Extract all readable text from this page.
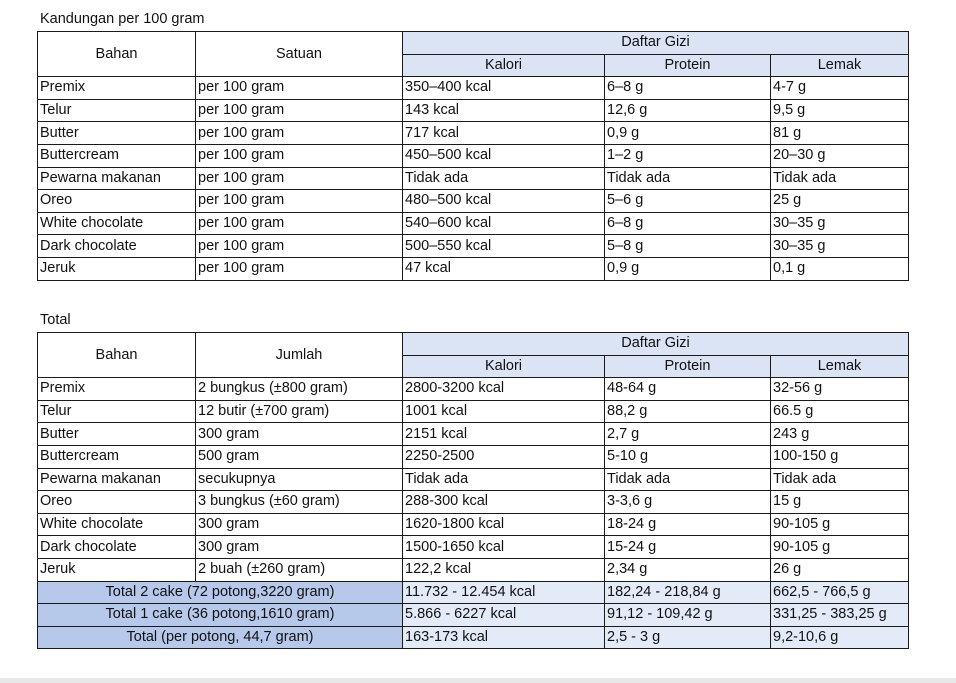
Kandungan per 100 gram
Bahan	Satuan	Daftar Gizi		
		Kalori	Protein	Lemak
Premix	per 100 gram	350–400 kcal	6–8 g	4-7 g
Telur	per 100 gram	143 kcal	12,6 g	9,5 g
Butter	per 100 gram	717 kcal	0,9 g	81 g
Buttercream	per 100 gram	450–500 kcal	1–2 g	20–30 g
Pewarna makanan	per 100 gram	Tidak ada	Tidak ada	Tidak ada
Oreo	per 100 gram	480–500 kcal	5–6 g	25 g
White chocolate	per 100 gram	540–600 kcal	6–8 g	30–35 g
Dark chocolate	per 100 gram	500–550 kcal	5–8 g	30–35 g
Jeruk	per 100 gram	47 kcal	0,9 g	0,1 g
Total
Bahan	Jumlah	Daftar Gizi		
		Kalori	Protein	Lemak
Premix	2 bungkus (±800 gram)	2800-3200 kcal	48-64 g	32-56 g
Telur	12 butir (±700 gram)	1001 kcal	88,2 g	66.5 g
Butter	300 gram	2151 kcal	2,7 g	243 g
Buttercream	500 gram	2250-2500	5-10 g	100-150 g
Pewarna makanan	secukupnya	Tidak ada	Tidak ada	Tidak ada
Oreo	3 bungkus (±60 gram)	288-300 kcal	3-3,6 g	15 g
White chocolate	300 gram	1620-1800 kcal	18-24 g	90-105 g
Dark chocolate	300 gram	1500-1650 kcal	15-24 g	90-105 g
Jeruk	2 buah (±260 gram)	122,2 kcal	2,34 g	26 g
Total 2 cake (72 potong,3220 gram)		11.732 - 12.454 kcal	182,24 - 218,84 g	662,5 - 766,5 g
Total 1 cake (36 potong,1610 gram)		5.866 - 6227 kcal	91,12 - 109,42 g	331,25 - 383,25 g
Total (per potong, 44,7 gram)		163-173 kcal	2,5 - 3 g	9,2-10,6 g
